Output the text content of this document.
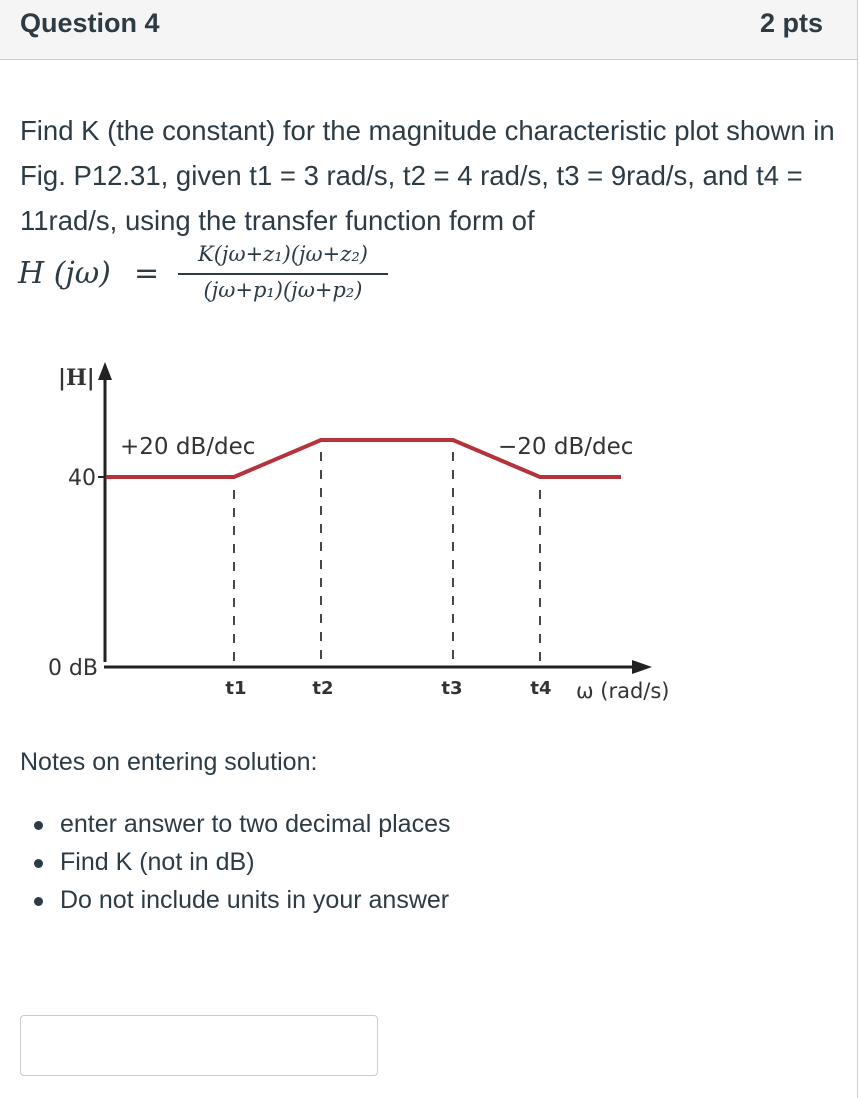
Question 4	2 pts
Find K (the constant) for the magnitude characteristic plot shown in Fig. P12.31, given t1 = 3 rad/s, t2 = 4 rad/s, t3 = 9rad/s, and t4 = 11rad/s, using the transfer function form of
H (jω) =
K(jω+z₁)(jω+z₂)
(jω+p₁)(jω+p₂)
|H|
40
0 dB
+20 dB/dec	−20 dB/dec
t1	t2	t3	t4 ω (rad/s)
Notes on entering solution:
enter answer to two decimal places
Find K (not in dB)
Do not include units in your answer
